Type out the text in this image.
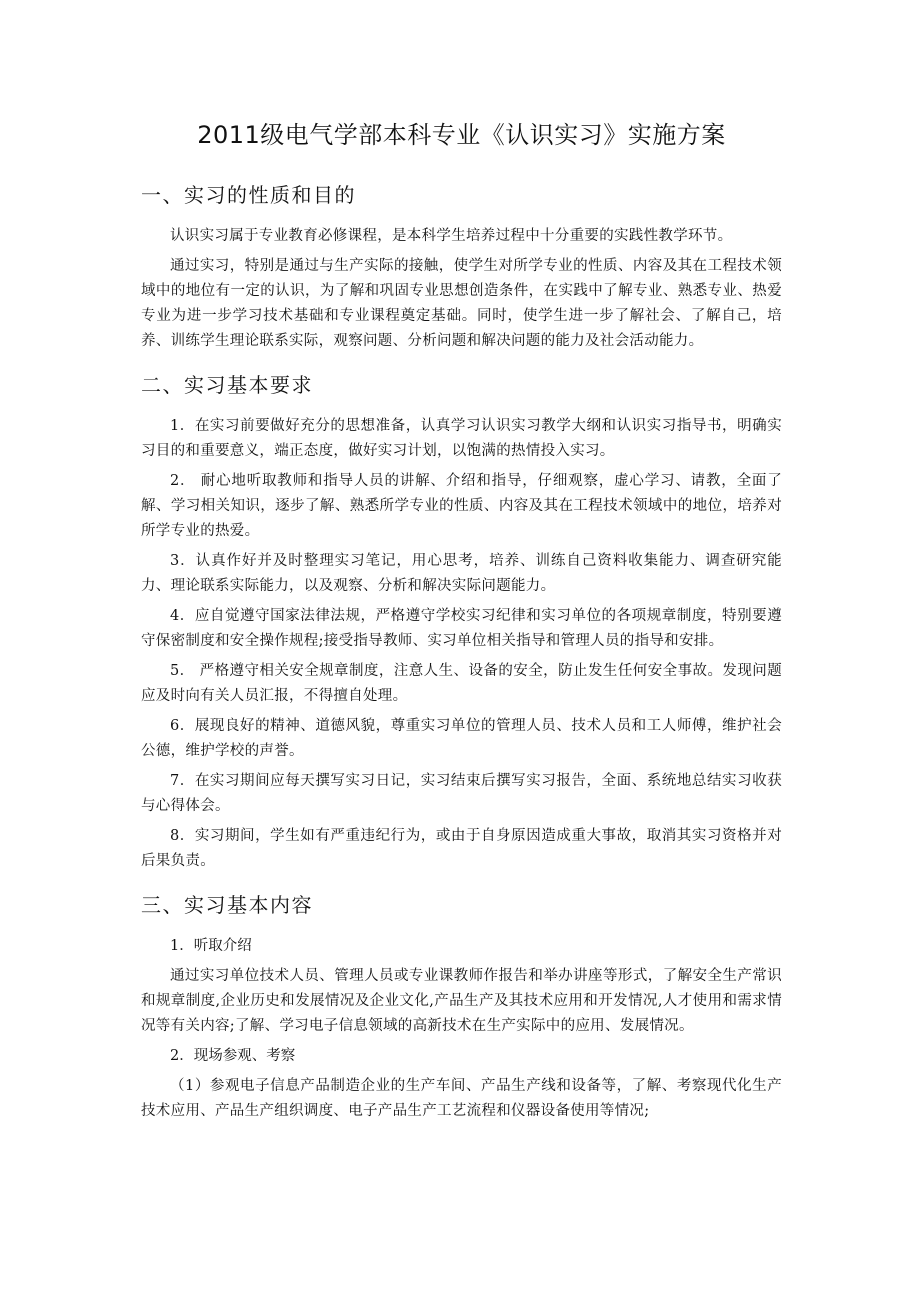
2011级电气学部本科专业《认识实习》实施方案
一、实习的性质和目的

认识实习属于专业教育必修课程，是本科学生培养过程中十分重要的实践性教学环节。

通过实习，特别是通过与生产实际的接触，使学生对所学专业的性质、内容及其在工程技术领域中的地位有一定的认识，为了解和巩固专业思想创造条件，在实践中了解专业、熟悉专业、热爱专业为进一步学习技术基础和专业课程奠定基础。同时，使学生进一步了解社会、了解自己，培养、训练学生理论联系实际，观察问题、分析问题和解决问题的能力及社会活动能力。

二、实习基本要求

1．在实习前要做好充分的思想准备，认真学习认识实习教学大纲和认识实习指导书，明确实习目的和重要意义，端正态度，做好实习计划，以饱满的热情投入实习。

2． 耐心地听取教师和指导人员的讲解、介绍和指导，仔细观察，虚心学习、请教，全面了解、学习相关知识，逐步了解、熟悉所学专业的性质、内容及其在工程技术领域中的地位，培养对所学专业的热爱。

3．认真作好并及时整理实习笔记，用心思考，培养、训练自己资料收集能力、调查研究能力、理论联系实际能力，以及观察、分析和解决实际问题能力。

4．应自觉遵守国家法律法规，严格遵守学校实习纪律和实习单位的各项规章制度，特别要遵守保密制度和安全操作规程;接受指导教师、实习单位相关指导和管理人员的指导和安排。

5． 严格遵守相关安全规章制度，注意人生、设备的安全，防止发生任何安全事故。发现问题应及时向有关人员汇报，不得擅自处理。

6．展现良好的精神、道德风貌，尊重实习单位的管理人员、技术人员和工人师傅，维护社会公德，维护学校的声誉。

7．在实习期间应每天撰写实习日记，实习结束后撰写实习报告，全面、系统地总结实习收获与心得体会。

8．实习期间，学生如有严重违纪行为，或由于自身原因造成重大事故，取消其实习资格并对后果负责。

三、实习基本内容

1．听取介绍

通过实习单位技术人员、管理人员或专业课教师作报告和举办讲座等形式，了解安全生产常识和规章制度,企业历史和发展情况及企业文化,产品生产及其技术应用和开发情况,人才使用和需求情况等有关内容;了解、学习电子信息领域的高新技术在生产实际中的应用、发展情况。

2．现场参观、考察

（1）参观电子信息产品制造企业的生产车间、产品生产线和设备等，了解、考察现代化生产技术应用、产品生产组织调度、电子产品生产工艺流程和仪器设备使用等情况;
